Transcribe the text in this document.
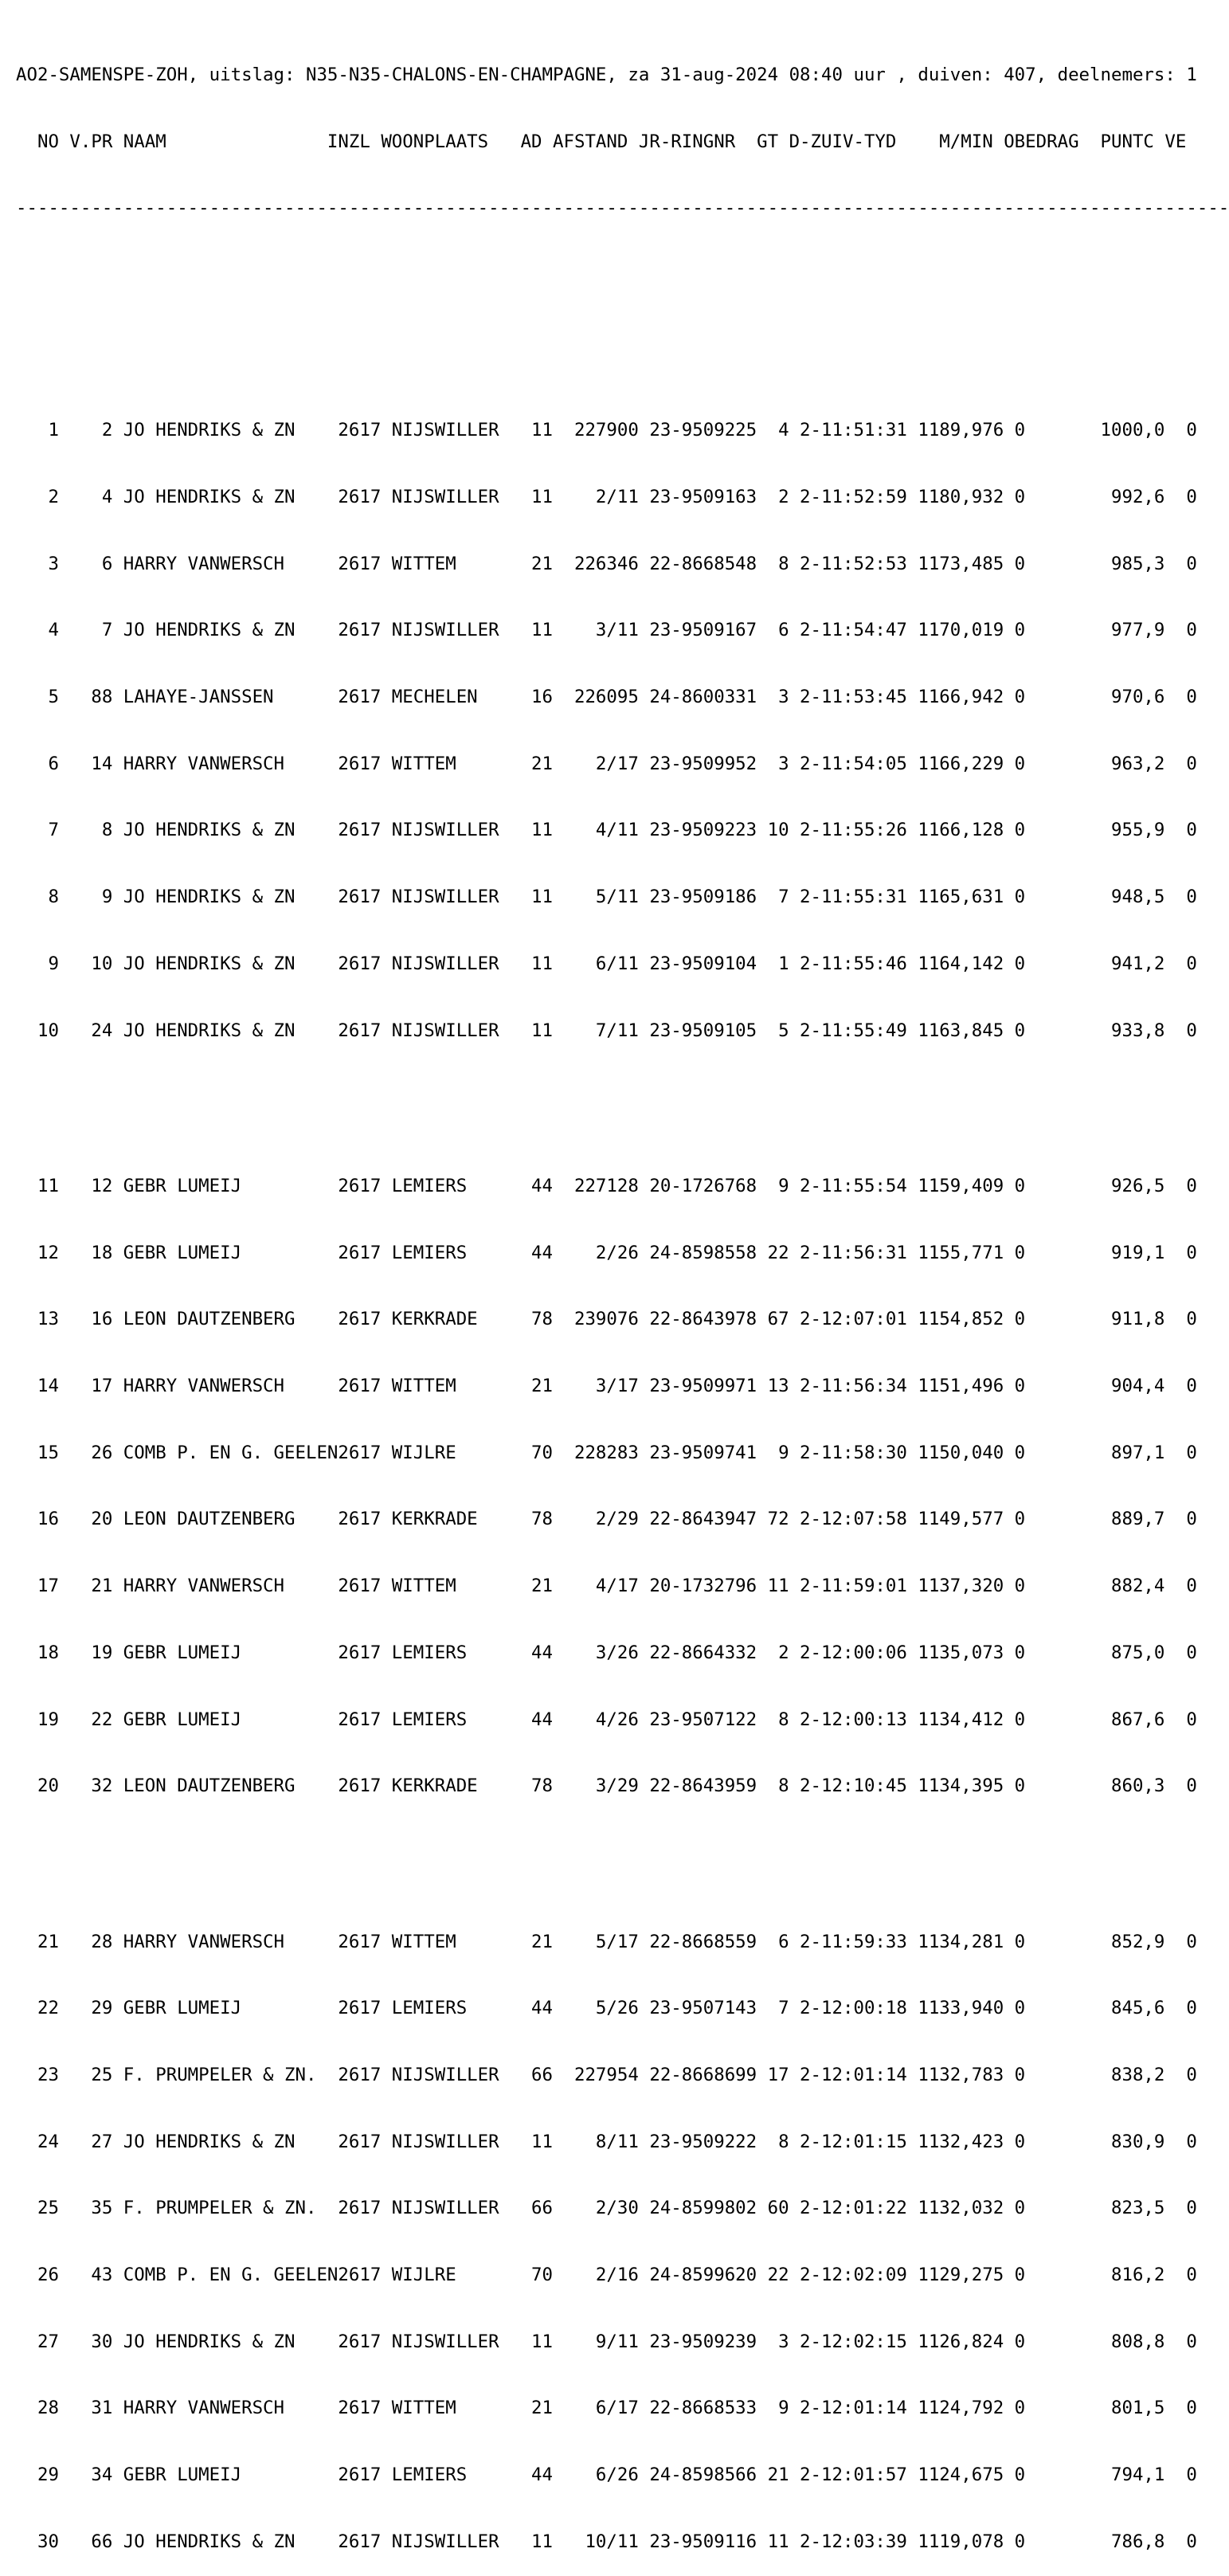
AO2-SAMENSPE-ZOH, uitslag: N35-N35-CHALONS-EN-CHAMPAGNE, za 31-aug-2024 08:40 uur , duiven: 407, deelnemers: 1

NO V.PR NAAM               INZL WOONPLAATS   AD AFSTAND JR-RINGNR  GT D-ZUIV-TYD    M/MIN OBEDRAG  PUNTC VE

-----------------------------------------------------------------------------------------------------------------

1    2 JO HENDRIKS & ZN    2617 NIJSWILLER   11  227900 23-9509225  4 2-11:51:31 1189,976 0       1000,0  0

2    4 JO HENDRIKS & ZN    2617 NIJSWILLER   11    2/11 23-9509163  2 2-11:52:59 1180,932 0        992,6  0

3    6 HARRY VANWERSCH     2617 WITTEM       21  226346 22-8668548  8 2-11:52:53 1173,485 0        985,3  0

4    7 JO HENDRIKS & ZN    2617 NIJSWILLER   11    3/11 23-9509167  6 2-11:54:47 1170,019 0        977,9  0

5   88 LAHAYE-JANSSEN      2617 MECHELEN     16  226095 24-8600331  3 2-11:53:45 1166,942 0        970,6  0

6   14 HARRY VANWERSCH     2617 WITTEM       21    2/17 23-9509952  3 2-11:54:05 1166,229 0        963,2  0

7    8 JO HENDRIKS & ZN    2617 NIJSWILLER   11    4/11 23-9509223 10 2-11:55:26 1166,128 0        955,9  0

8    9 JO HENDRIKS & ZN    2617 NIJSWILLER   11    5/11 23-9509186  7 2-11:55:31 1165,631 0        948,5  0

9   10 JO HENDRIKS & ZN    2617 NIJSWILLER   11    6/11 23-9509104  1 2-11:55:46 1164,142 0        941,2  0

10   24 JO HENDRIKS & ZN    2617 NIJSWILLER   11    7/11 23-9509105  5 2-11:55:49 1163,845 0        933,8  0

11   12 GEBR LUMEIJ         2617 LEMIERS      44  227128 20-1726768  9 2-11:55:54 1159,409 0        926,5  0

12   18 GEBR LUMEIJ         2617 LEMIERS      44    2/26 24-8598558 22 2-11:56:31 1155,771 0        919,1  0

13   16 LEON DAUTZENBERG    2617 KERKRADE     78  239076 22-8643978 67 2-12:07:01 1154,852 0        911,8  0

14   17 HARRY VANWERSCH     2617 WITTEM       21    3/17 23-9509971 13 2-11:56:34 1151,496 0        904,4  0

15   26 COMB P. EN G. GEELEN2617 WIJLRE       70  228283 23-9509741  9 2-11:58:30 1150,040 0        897,1  0

16   20 LEON DAUTZENBERG    2617 KERKRADE     78    2/29 22-8643947 72 2-12:07:58 1149,577 0        889,7  0

17   21 HARRY VANWERSCH     2617 WITTEM       21    4/17 20-1732796 11 2-11:59:01 1137,320 0        882,4  0

18   19 GEBR LUMEIJ         2617 LEMIERS      44    3/26 22-8664332  2 2-12:00:06 1135,073 0        875,0  0

19   22 GEBR LUMEIJ         2617 LEMIERS      44    4/26 23-9507122  8 2-12:00:13 1134,412 0        867,6  0

20   32 LEON DAUTZENBERG    2617 KERKRADE     78    3/29 22-8643959  8 2-12:10:45 1134,395 0        860,3  0

21   28 HARRY VANWERSCH     2617 WITTEM       21    5/17 22-8668559  6 2-11:59:33 1134,281 0        852,9  0

22   29 GEBR LUMEIJ         2617 LEMIERS      44    5/26 23-9507143  7 2-12:00:18 1133,940 0        845,6  0

23   25 F. PRUMPELER & ZN.  2617 NIJSWILLER   66  227954 22-8668699 17 2-12:01:14 1132,783 0        838,2  0

24   27 JO HENDRIKS & ZN    2617 NIJSWILLER   11    8/11 23-9509222  8 2-12:01:15 1132,423 0        830,9  0

25   35 F. PRUMPELER & ZN.  2617 NIJSWILLER   66    2/30 24-8599802 60 2-12:01:22 1132,032 0        823,5  0

26   43 COMB P. EN G. GEELEN2617 WIJLRE       70    2/16 24-8599620 22 2-12:02:09 1129,275 0        816,2  0

27   30 JO HENDRIKS & ZN    2617 NIJSWILLER   11    9/11 23-9509239  3 2-12:02:15 1126,824 0        808,8  0

28   31 HARRY VANWERSCH     2617 WITTEM       21    6/17 22-8668533  9 2-12:01:14 1124,792 0        801,5  0

29   34 GEBR LUMEIJ         2617 LEMIERS      44    6/26 24-8598566 21 2-12:01:57 1124,675 0        794,1  0

30   66 JO HENDRIKS & ZN    2617 NIJSWILLER   11   10/11 23-9509116 11 2-12:03:39 1119,078 0        786,8  0
